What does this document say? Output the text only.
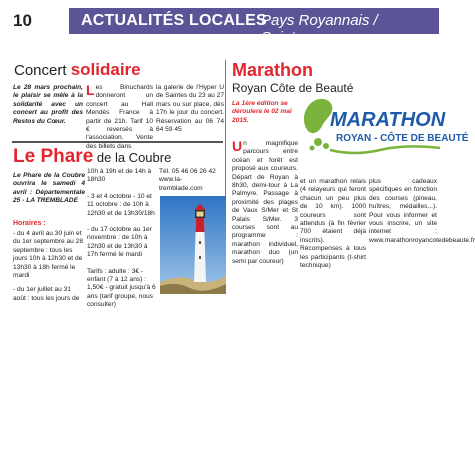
10	ACTUALITÉS LOCALES
Pays Royannais / Saintonge
Concert solidaire
Le 28 mars prochain, le plaisir se mêle à la solidarité avec un concert au profit des Restos du Cœur.
Les Binuchards donneront un concert au Hall Mendès France à partir de 21h. Tarif 10 € reversés à l'association. Vente des billets dans
la galerie de l'Hyper U de Saintes du 23 au 27 mars ou sur place, dès 17h le jour du concert. Réservation au 06 74 64 59 45
Le Phare de la Coubre
Le Phare de la Coubre ouvrira le samedi 4 avril : Départementale 25 - LA TREMBLADE
Horaires :

- du 4 avril au 30 juin et du 1er septembre au 28 septembre : tous les jours 10h à 12h30 et de 13h30 à 18h fermé le mardi

- du 1er juillet au 31 août : tous les jours de

10h à 19h et de 14h à 18h30

- 3 et 4 octobre - 10 et 11 octobre : de 10h à 12h30 et de 13h30/18h

- du 17 octobre au 1er novembre : de 10h à 12h30 et de 13h30 à 17h fermé le mardi

Tarifs : adulte : 3€ - enfant (7 à 12 ans) : 1,50€ - gratuit jusqu'à 6 ans (tarif groupe, nous consulter)

Tél. 05 46 06 26 42 www.la-tremblade.com
Marathon
Royan Côte de Beauté
La 1ère édition se déroulera le 02 mai 2015.	MARATHON
ROYAN - CÔTE DE BEAUTÉ
Un magnifique parcours entre océan et forêt est proposé aux coureurs. Départ de Royan à 8h30, demi-tour à La Palmyre. Passage à proximité des plages de Vaux S/Mer et St Palais S/Mer. 3 courses sont au programme : marathon individuel, marathon duo (un semi par coureur)
et un marathon relais (4 relayeurs qui feront chacun un peu plus de 10 km). 1000 coureurs sont attendus (à fin février 700 étaient déjà inscrits). Récompenses à tous les participants (t-shirt technique)
plus cadeaux spécifiques en fonction des courses (pineau, huîtres, médailles...). Pour vous informer et vous inscrire, un site internet : www.marathonroyancotedebeaute.fr
